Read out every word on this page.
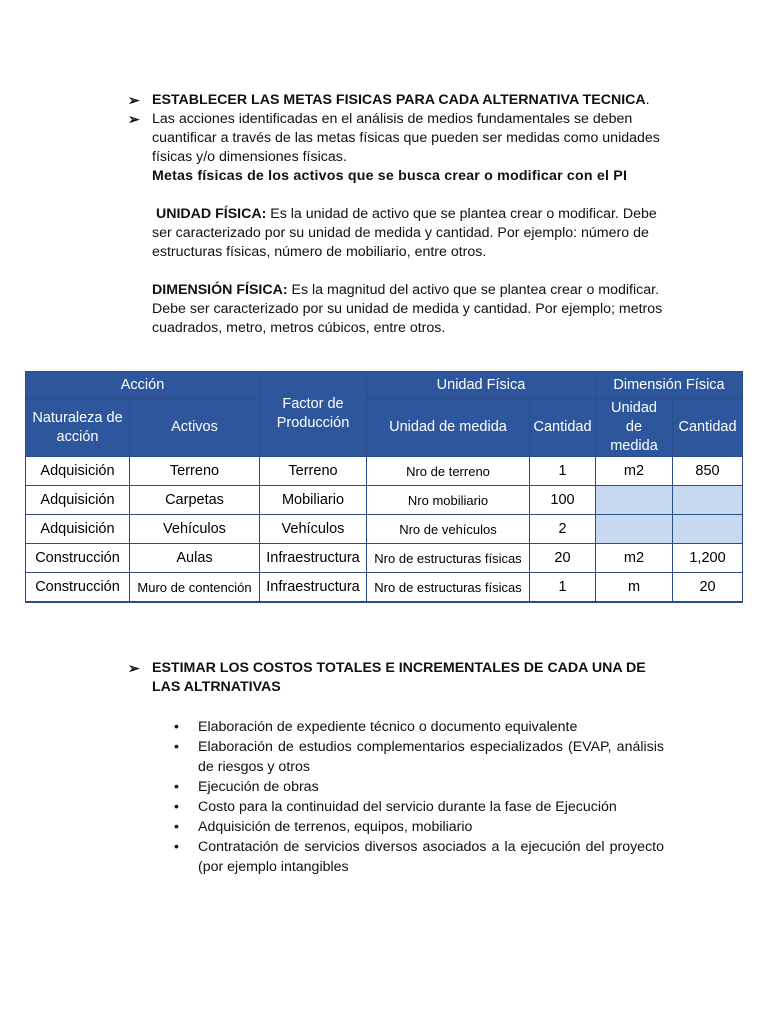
➢ ESTABLECER LAS METAS FISICAS PARA CADA ALTERNATIVA TECNICA.
➢ Las acciones identificadas en el análisis de medios fundamentales se deben cuantificar a través de las metas físicas que pueden ser medidas como unidades físicas y/o dimensiones físicas.

Metas físicas de los activos que se busca crear o modificar con el PI

UNIDAD FÍSICA: Es la unidad de activo que se plantea crear o modificar. Debe ser caracterizado por su unidad de medida y cantidad. Por ejemplo: número de estructuras físicas, número de mobiliario, entre otros.

DIMENSIÓN FÍSICA: Es la magnitud del activo que se plantea crear o modificar. Debe ser caracterizado por su unidad de medida y cantidad. Por ejemplo; metros cuadrados, metro, metros cúbicos, entre otros.

Acción		Factor de Producción	Unidad Física		Dimensión Física	
Naturaleza de acción	Activos		Unidad de medida	Cantidad	Unidad de medida	Cantidad
Adquisición	Terreno	Terreno	Nro de terreno	1	m2	850
Adquisición	Carpetas	Mobiliario	Nro mobiliario	100		
Adquisición	Vehículos	Vehículos	Nro de vehículos	2		
Construcción	Aulas	Infraestructura	Nro de estructuras físicas	20	m2	1,200
Construcción	Muro de contención	Infraestructura	Nro de estructuras físicas	1	m	20
➢ ESTIMAR LOS COSTOS TOTALES E INCREMENTALES DE CADA UNA DE LAS ALTRNATIVAS
• Elaboración de expediente técnico o documento equivalente
• Elaboración de estudios complementarios especializados (EVAP, análisis de riesgos y otros
• Ejecución de obras
• Costo para la continuidad del servicio durante la fase de Ejecución
• Adquisición de terrenos, equipos, mobiliario
• Contratación de servicios diversos asociados a la ejecución del proyecto (por ejemplo intangibles
